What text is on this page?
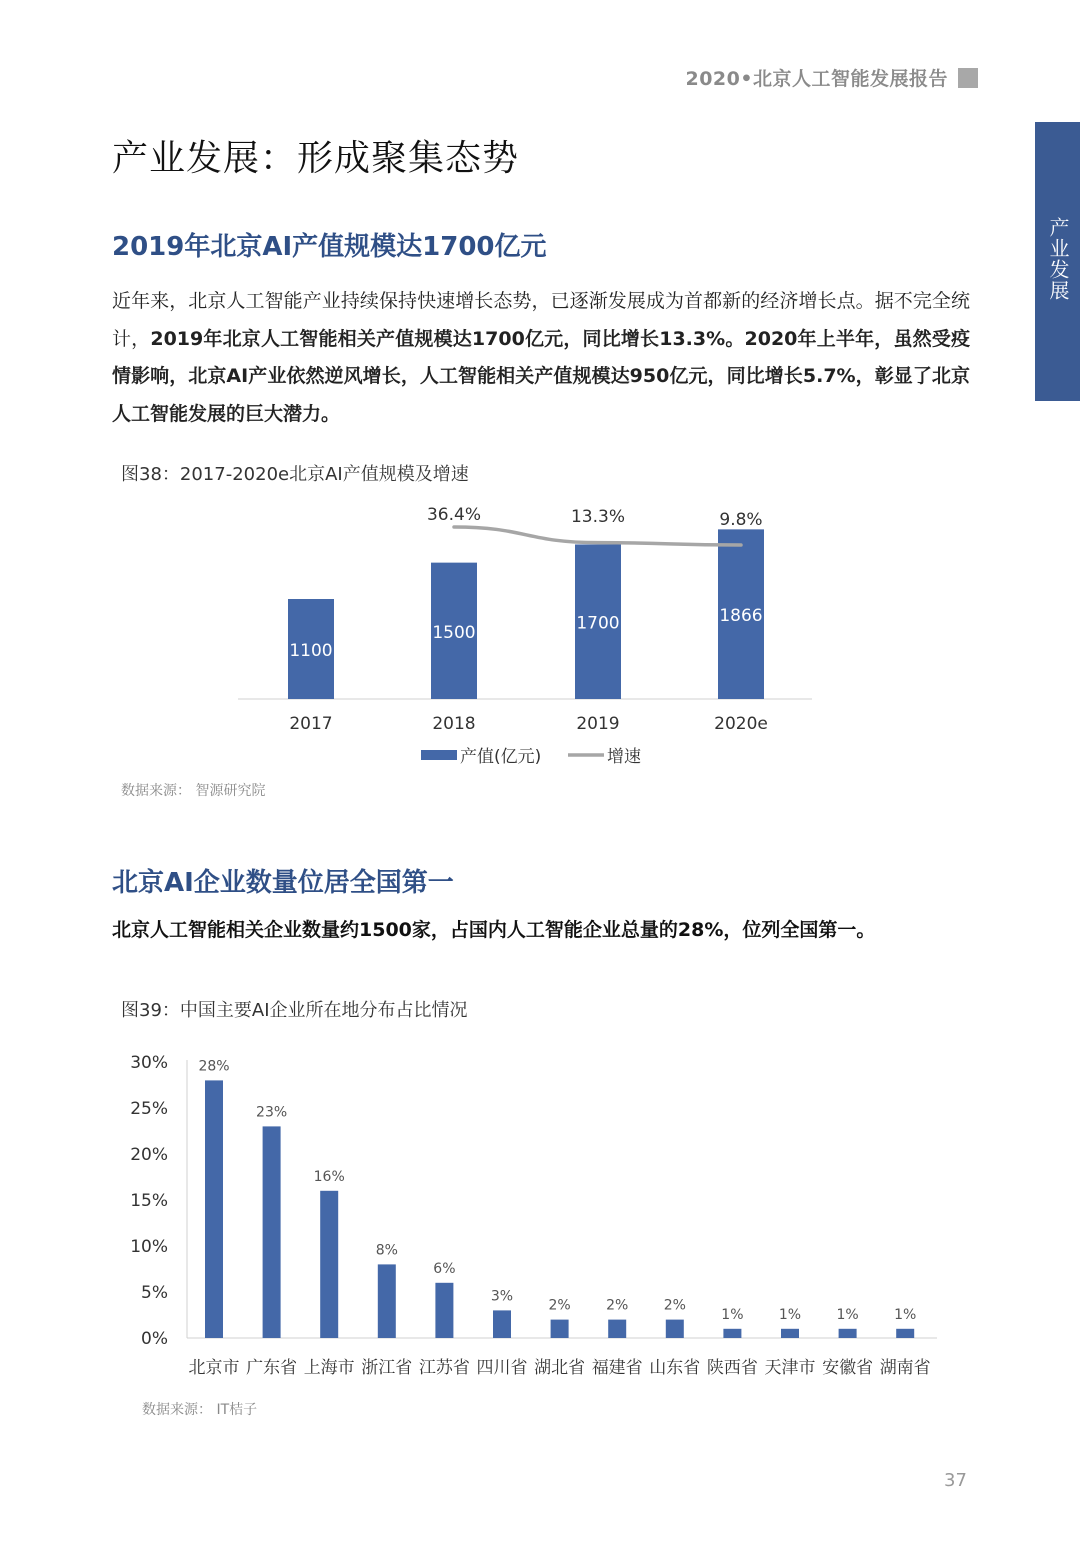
2020•北京人工智能发展报告
产业发展
产业发展：形成聚集态势
2019年北京AI产值规模达1700亿元

近年来，北京人工智能产业持续保持快速增长态势，已逐渐发展成为首都新的经济增长点。据不完全统计，2019年北京人工智能相关产值规模达1700亿元，同比增长13.3%。2020年上半年，虽然受疫情影响，北京AI产业依然逆风增长，人工智能相关产值规模达950亿元，同比增长5.7%，彰显了北京人工智能发展的巨大潜力。

图38：2017-2020e北京AI产值规模及增速

1100
2017
1500
2018
1700
2019
1866
2020e
36.4%	13.3%	9.8%
产值(亿元)	增速

数据来源： 智源研究院

北京AI企业数量位居全国第一

北京人工智能相关企业数量约1500家，占国内人工智能企业总量的28%，位列全国第一。

图39：中国主要AI企业所在地分布占比情况

0%
5%
10%
15%
20%
25%
30% 28%
北京市
23%
广东省
16%
上海市
8%
浙江省
6%
江苏省
3%
四川省
2%
湖北省
2%
福建省
2%
山东省
1%
陕西省
1%
天津市
1%
安徽省
1%
湖南省

数据来源： IT桔子

37
